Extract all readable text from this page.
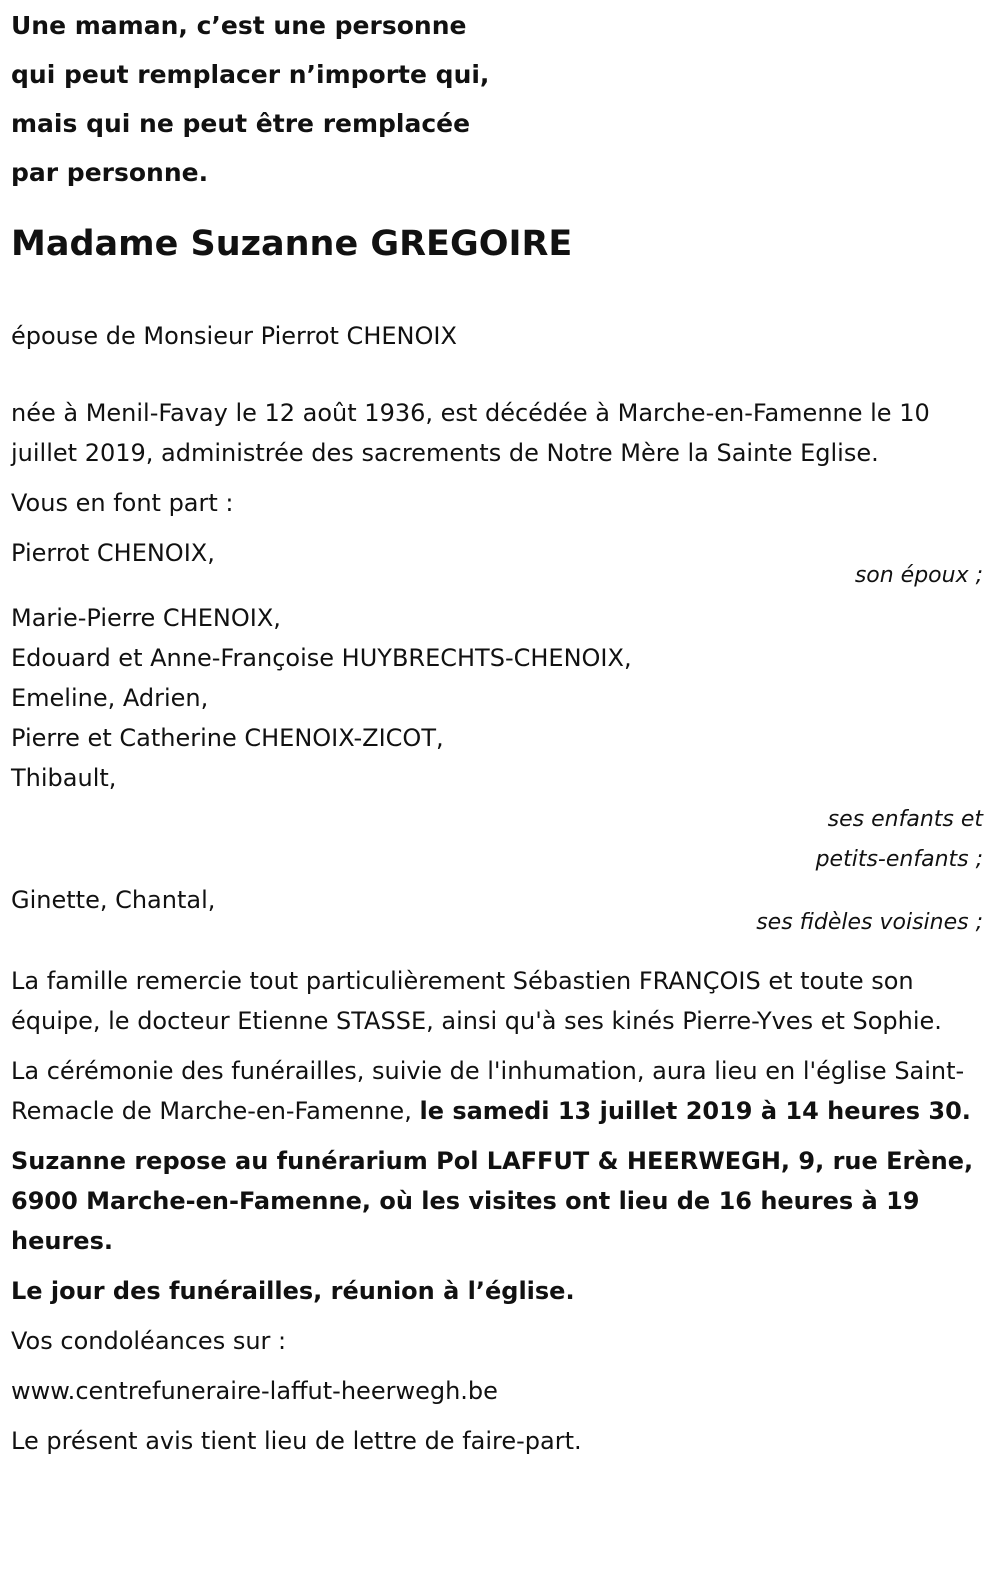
Une maman, c’est une personne
qui peut remplacer n’importe qui,
mais qui ne peut être remplacée
par personne.
Madame Suzanne GREGOIRE

épouse de Monsieur Pierrot CHENOIX

née à Menil-Favay le 12 août 1936, est décédée à Marche-en-Famenne le 10 juillet 2019, administrée des sacrements de Notre Mère la Sainte Eglise.

Vous en font part :

Pierrot CHENOIX,

son époux ;

Marie-Pierre CHENOIX,
Edouard et Anne-Françoise HUYBRECHTS-CHENOIX,
Emeline, Adrien,
Pierre et Catherine CHENOIX-ZICOT,
Thibault,

ses enfants et
petits-enfants ;

Ginette, Chantal,

ses fidèles voisines ;

La famille remercie tout particulièrement Sébastien FRANÇOIS et toute son équipe, le docteur Etienne STASSE, ainsi qu'à ses kinés Pierre-Yves et Sophie.

La cérémonie des funérailles, suivie de l'inhumation, aura lieu en l'église Saint-Remacle de Marche-en-Famenne, le samedi 13 juillet 2019 à 14 heures 30.

Suzanne repose au funérarium Pol LAFFUT & HEERWEGH, 9, rue Erène, 6900 Marche-en-Famenne, où les visites ont lieu de 16 heures à 19 heures.

Le jour des funérailles, réunion à l’église.

Vos condoléances sur :

www.centrefuneraire-laffut-heerwegh.be

Le présent avis tient lieu de lettre de faire-part.
